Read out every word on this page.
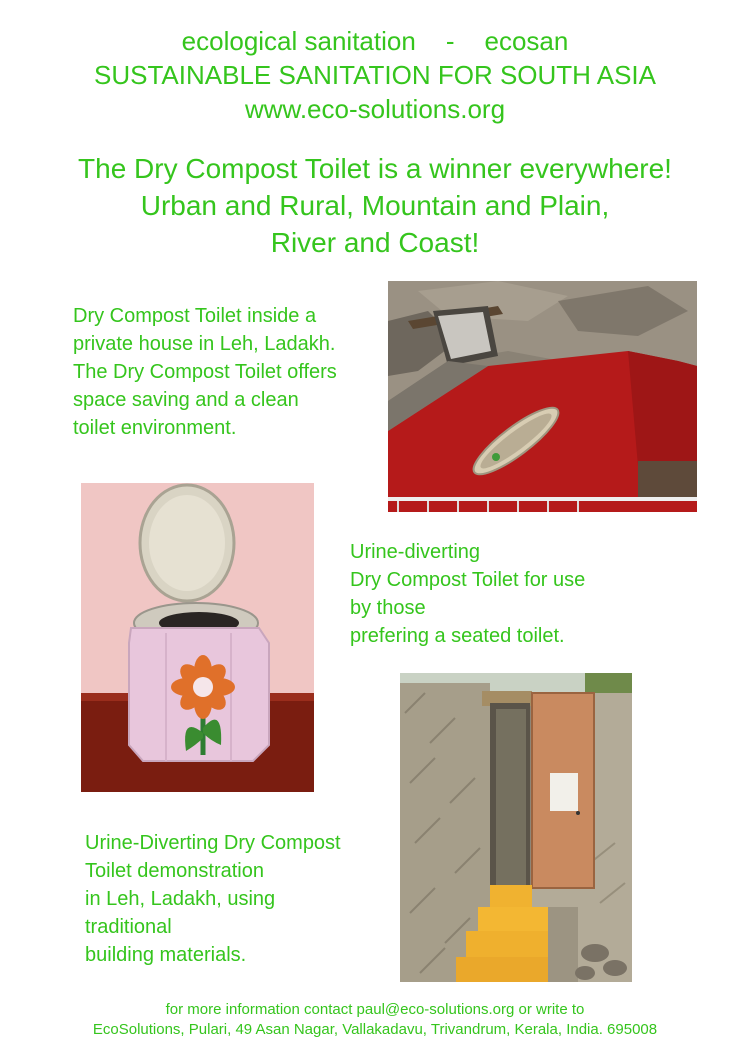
ecological sanitation - ecosan
SUSTAINABLE SANITATION FOR SOUTH ASIA
www.eco-solutions.org
The Dry Compost Toilet is a winner everywhere!
Urban and Rural, Mountain and Plain,
River and Coast!
Dry Compost Toilet inside a
private house in Leh, Ladakh.
The Dry Compost Toilet offers
space saving and a clean
toilet environment.
Urine-diverting
Dry Compost Toilet for use
by those
prefering a seated toilet.
Urine-Diverting Dry Compost
Toilet demonstration
in Leh, Ladakh, using
traditional
building materials.
for more information contact paul@eco-solutions.org or write to
EcoSolutions, Pulari, 49 Asan Nagar, Vallakadavu, Trivandrum, Kerala, India. 695008
